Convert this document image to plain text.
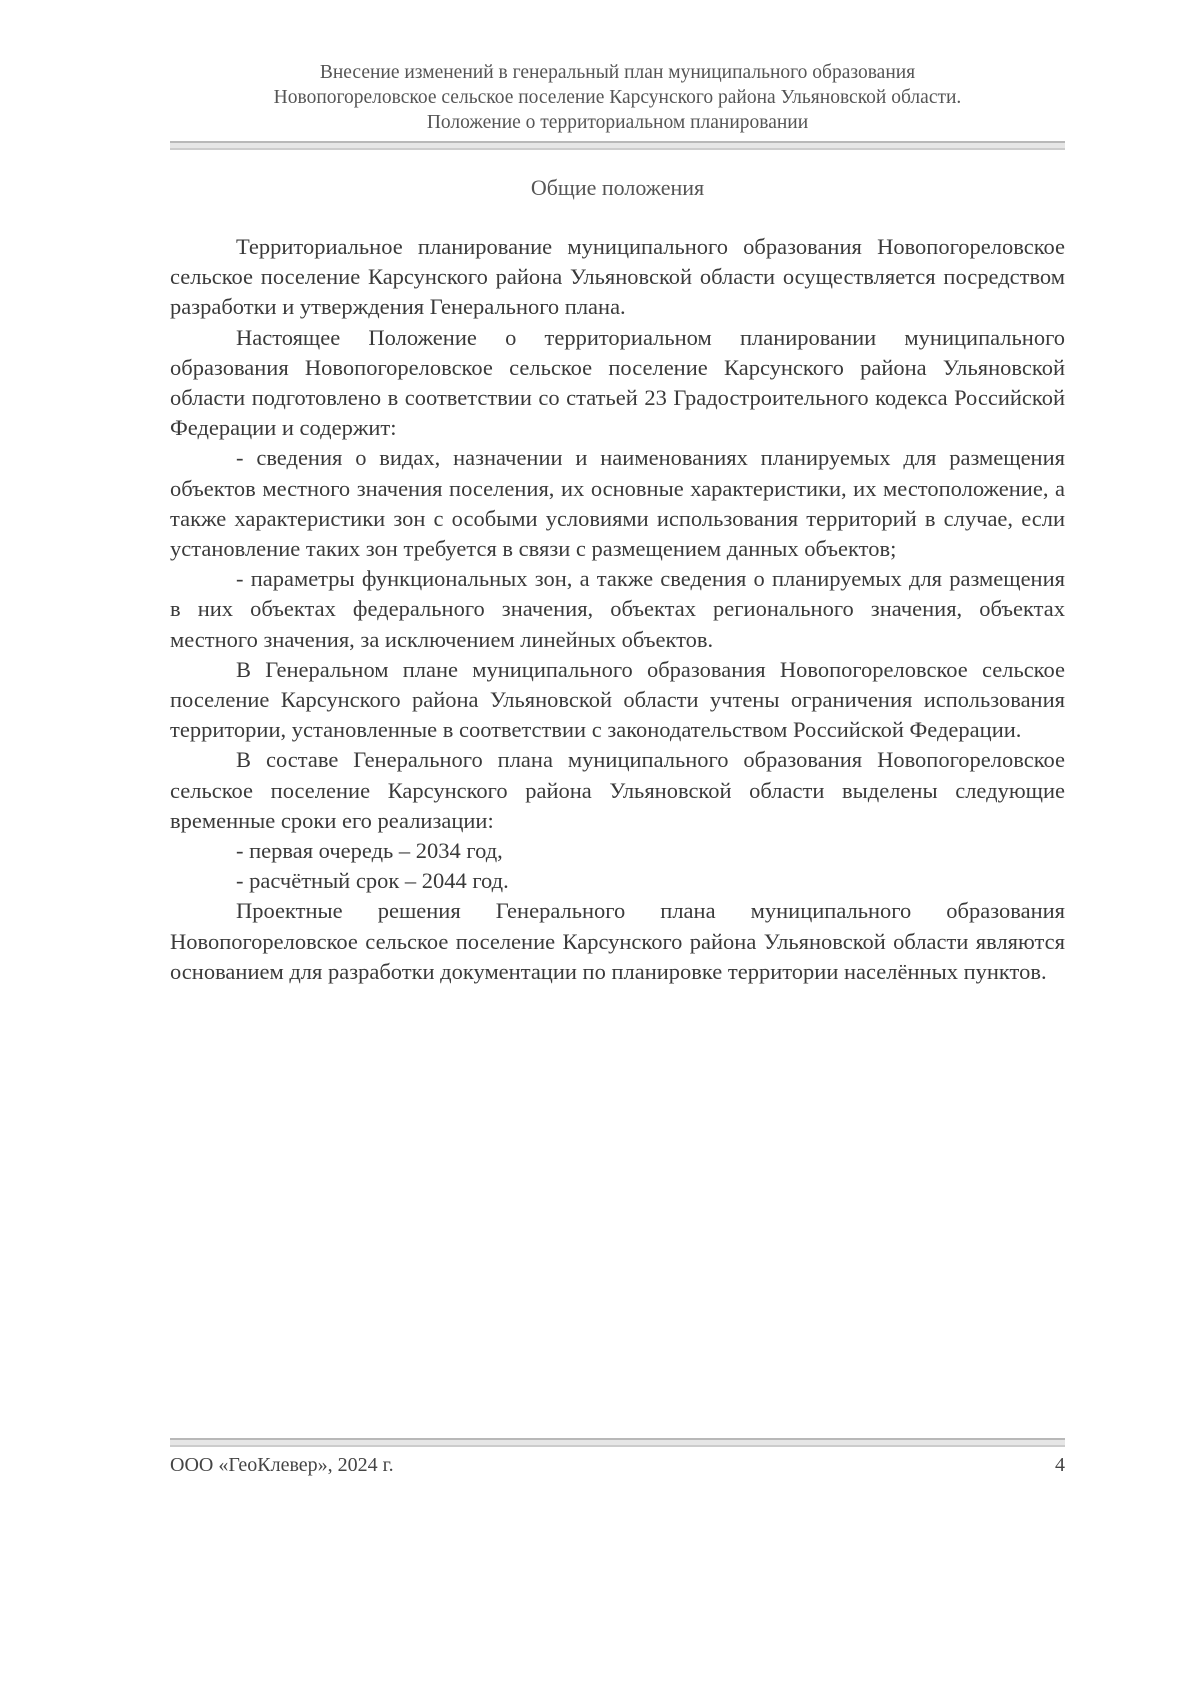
Внесение изменений в генеральный план муниципального образования
Новопогореловское сельское поселение Карсунского района Ульяновской области.
Положение о территориальном планировании
Общие положения

Территориальное планирование муниципального образования Новопогореловское сельское поселение Карсунского района Ульяновской области осуществляется посредством разработки и утверждения Генерального плана.

Настоящее Положение о территориальном планировании муниципального образования Новопогореловское сельское поселение Карсунского района Ульяновской области подготовлено в соответствии со статьей 23 Градостроительного кодекса Российской Федерации и содержит:

- сведения о видах, назначении и наименованиях планируемых для размещения объектов местного значения поселения, их основные характеристики, их местоположение, а также характеристики зон с особыми условиями использования территорий в случае, если установление таких зон требуется в связи с размещением данных объектов;

- параметры функциональных зон, а также сведения о планируемых для размещения в них объектах федерального значения, объектах регионального значения, объектах местного значения, за исключением линейных объектов.

В Генеральном плане муниципального образования Новопогореловское сельское поселение Карсунского района Ульяновской области учтены ограничения использования территории, установленные в соответствии с законодательством Российской Федерации.

В составе Генерального плана муниципального образования Новопогореловское сельское поселение Карсунского района Ульяновской области выделены следующие временные сроки его реализации:

- первая очередь – 2034 год,

- расчётный срок – 2044 год.

Проектные решения Генерального плана муниципального образования Новопогореловское сельское поселение Карсунского района Ульяновской области являются основанием для разработки документации по планировке территории населённых пунктов.

ООО «ГеоКлевер», 2024 г.	4
